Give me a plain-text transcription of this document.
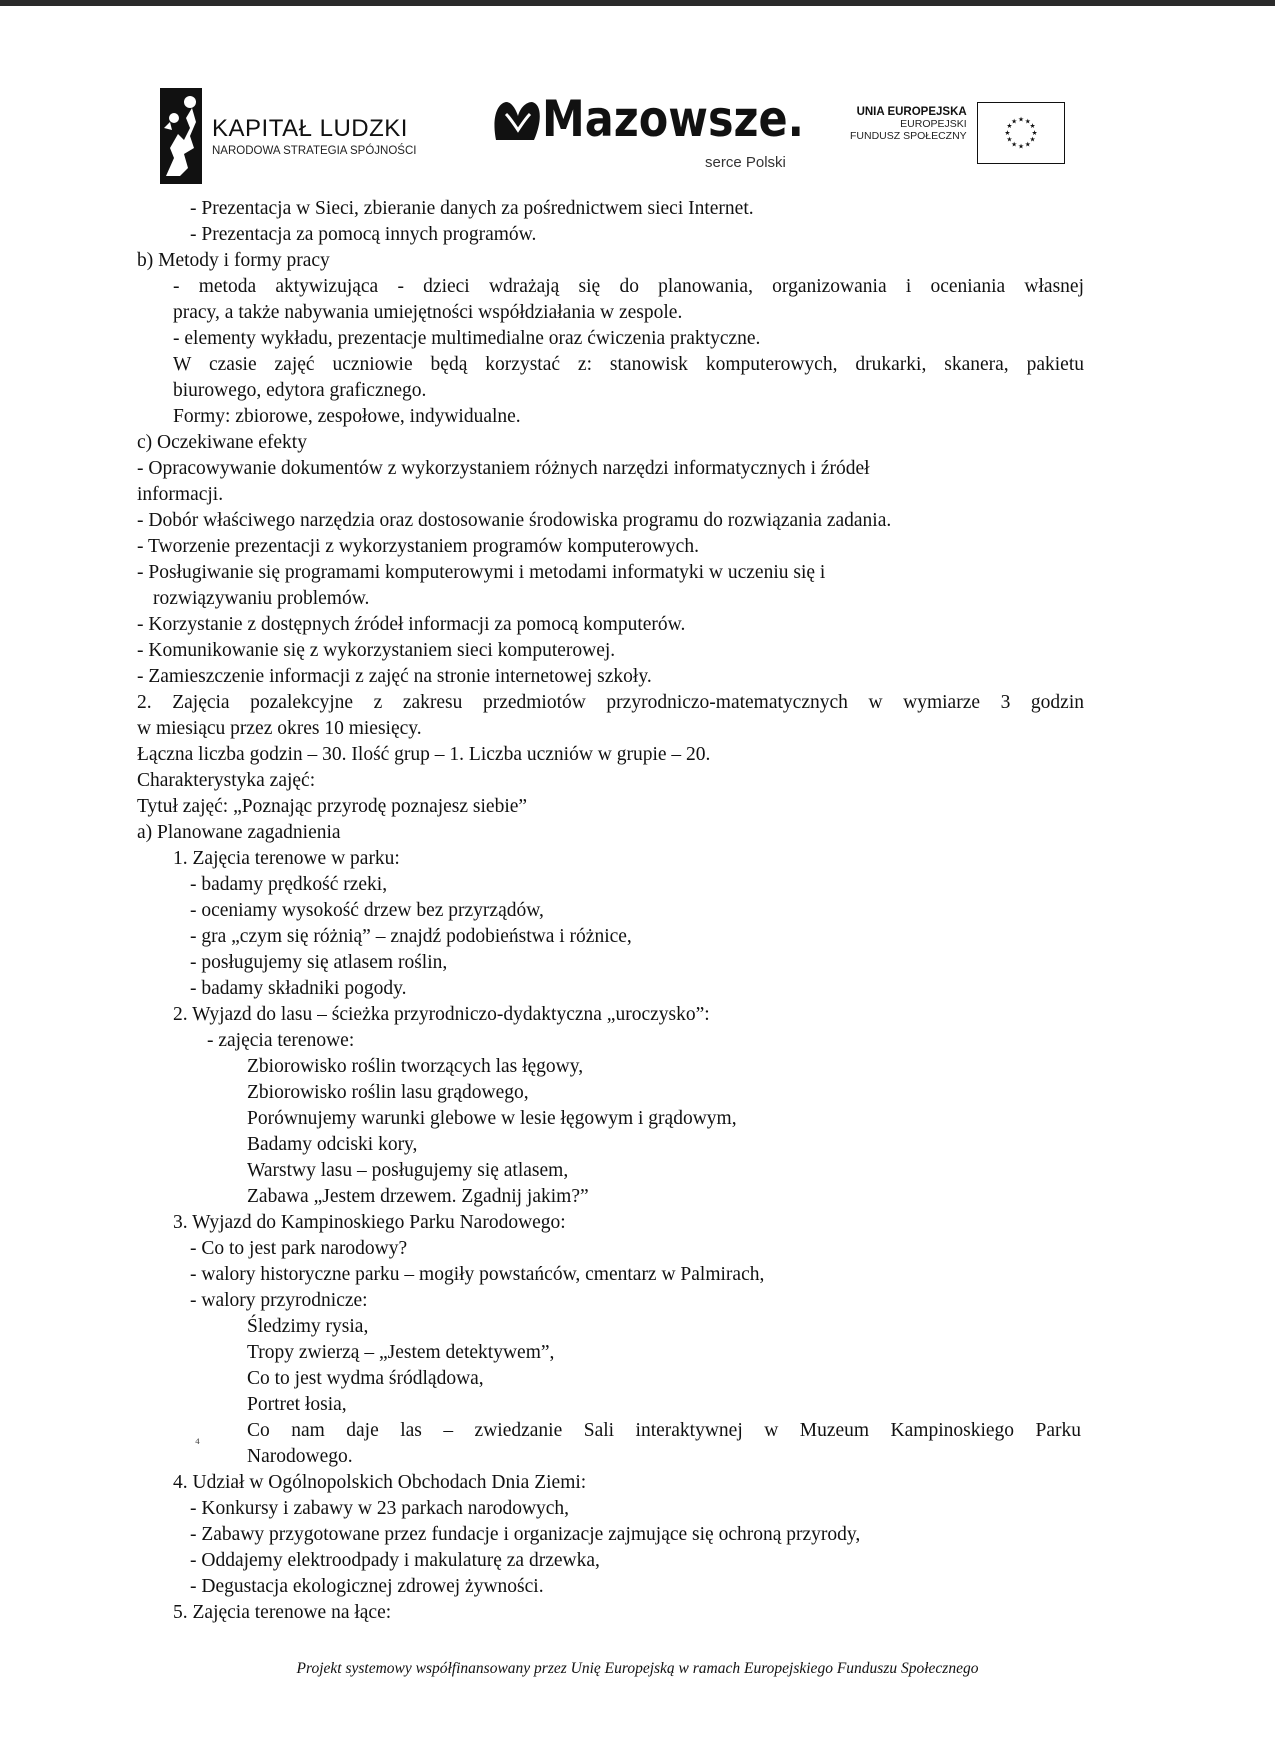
KAPITAŁ LUDZKI
NARODOWA STRATEGIA SPÓJNOŚCI
Mazowsze.
serce Polski
UNIA EUROPEJSKA
EUROPEJSKI
FUNDUSZ SPOŁECZNY
★ ★
★
★
★
★
★
★
★
★
★
★
- Prezentacja w Sieci, zbieranie danych za pośrednictwem sieci Internet.
- Prezentacja za pomocą innych programów.
b) Metody i formy pracy
- metoda aktywizująca - dzieci wdrażają się do planowania, organizowania i oceniania własnej
pracy, a także nabywania umiejętności współdziałania w zespole.
- elementy wykładu, prezentacje multimedialne oraz ćwiczenia praktyczne.
W czasie zajęć uczniowie będą korzystać z: stanowisk komputerowych, drukarki, skanera, pakietu
biurowego, edytora graficznego.
Formy: zbiorowe, zespołowe, indywidualne.
c) Oczekiwane efekty
- Opracowywanie dokumentów z wykorzystaniem różnych narzędzi informatycznych i źródeł
informacji.
- Dobór właściwego narzędzia oraz dostosowanie środowiska programu do rozwiązania zadania.
- Tworzenie prezentacji z wykorzystaniem programów komputerowych.
- Posługiwanie się programami komputerowymi i metodami informatyki w uczeniu się i
rozwiązywaniu problemów.
- Korzystanie z dostępnych źródeł informacji za pomocą komputerów.
- Komunikowanie się z wykorzystaniem sieci komputerowej.
- Zamieszczenie informacji z zajęć na stronie internetowej szkoły.
2. Zajęcia pozalekcyjne z zakresu przedmiotów przyrodniczo-matematycznych w wymiarze 3 godzin
w miesiącu przez okres 10 miesięcy.
Łączna liczba godzin – 30. Ilość grup – 1. Liczba uczniów w grupie – 20.
Charakterystyka zajęć:
Tytuł zajęć: „Poznając przyrodę poznajesz siebie”
a) Planowane zagadnienia
1. Zajęcia terenowe w parku:
- badamy prędkość rzeki,
- oceniamy wysokość drzew bez przyrządów,
- gra „czym się różnią” – znajdź podobieństwa i różnice,
- posługujemy się atlasem roślin,
- badamy składniki pogody.
2. Wyjazd do lasu – ścieżka przyrodniczo-dydaktyczna „uroczysko”:
- zajęcia terenowe:
Zbiorowisko roślin tworzących las łęgowy,
Zbiorowisko roślin lasu grądowego,
Porównujemy warunki glebowe w lesie łęgowym i grądowym,
Badamy odciski kory,
Warstwy lasu – posługujemy się atlasem,
Zabawa „Jestem drzewem. Zgadnij jakim?”
3. Wyjazd do Kampinoskiego Parku Narodowego:
- Co to jest park narodowy?
- walory historyczne parku – mogiły powstańców, cmentarz w Palmirach,
- walory przyrodnicze:
Śledzimy rysia,
Tropy zwierzą – „Jestem detektywem”,
Co to jest wydma śródlądowa,
Portret łosia,
Co nam daje las – zwiedzanie Sali interaktywnej w Muzeum Kampinoskiego Parku
Narodowego.
4. Udział w Ogólnopolskich Obchodach Dnia Ziemi:
- Konkursy i zabawy w 23 parkach narodowych,
- Zabawy przygotowane przez fundacje i organizacje zajmujące się ochroną przyrody,
- Oddajemy elektroodpady i makulaturę za drzewka,
- Degustacja ekologicznej zdrowej żywności.
5. Zajęcia terenowe na łące:
⁴
Projekt systemowy współfinansowany przez Unię Europejską w ramach Europejskiego Funduszu Społecznego
